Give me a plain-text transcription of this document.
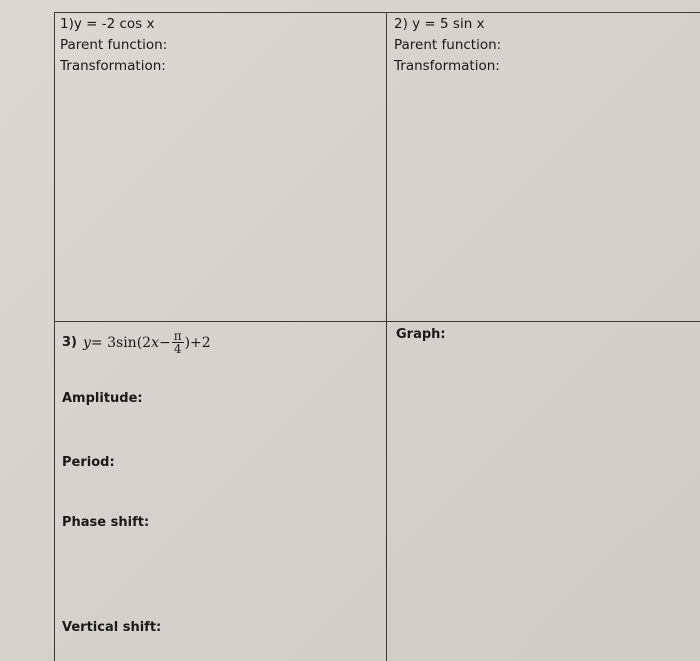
1)y = -2 cos x
Parent function:
Transformation:
2) y = 5 sin x
Parent function:
Transformation:
3) y = 3sin(2 $x - \frac{\pi}{4} )+2$
Amplitude:
Period:
Phase shift:
Vertical shift:
Graph:
